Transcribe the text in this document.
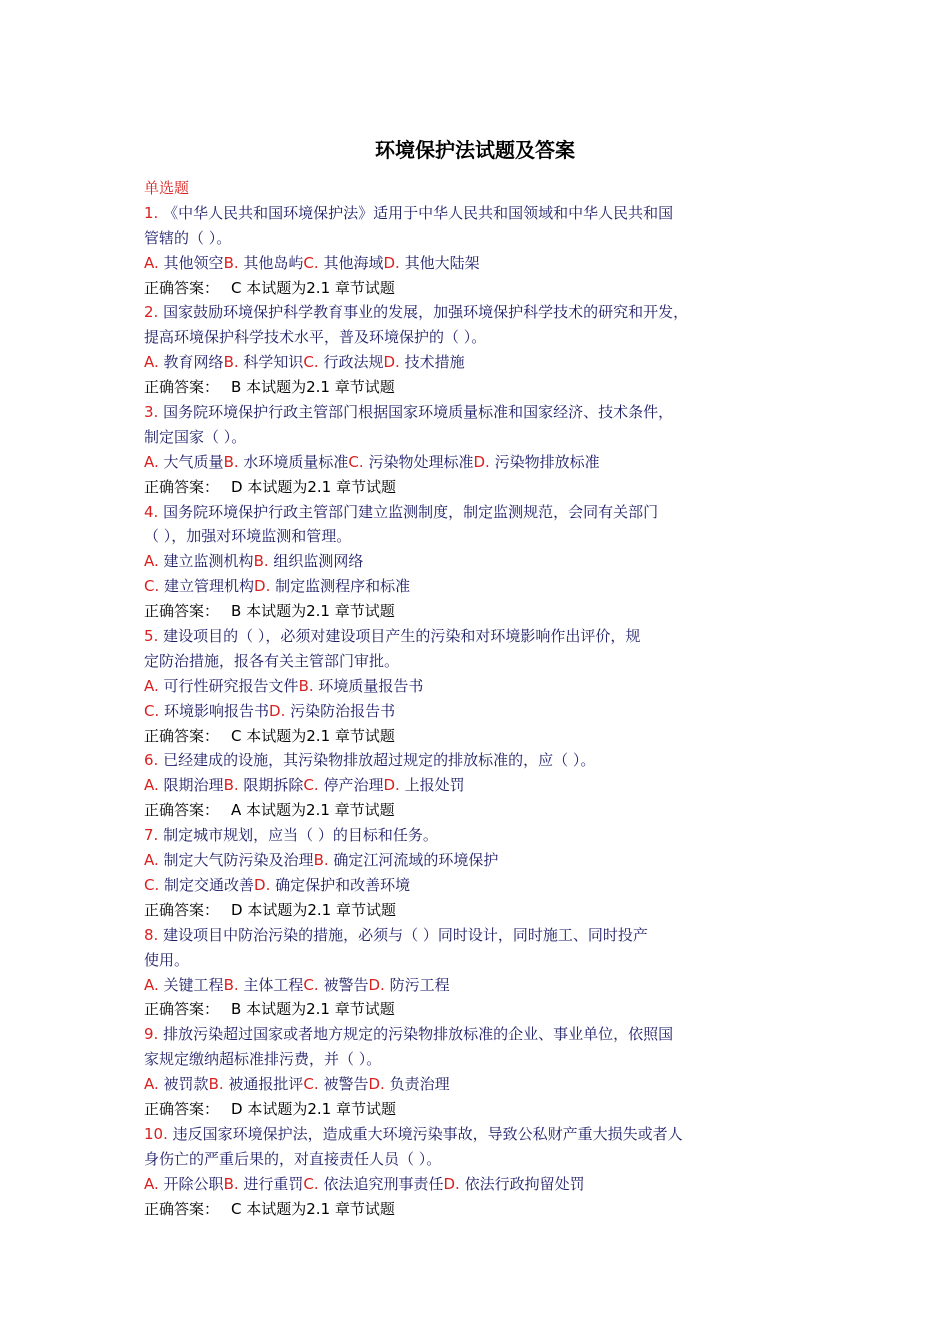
环境保护法试题及答案
单选题
1. 《中华人民共和国环境保护法》适用于中华人民共和国领域和中华人民共和国
管辖的（ ）。
A. 其他领空B. 其他岛屿C. 其他海域D. 其他大陆架
正确答案： C 本试题为2.1 章节试题
2. 国家鼓励环境保护科学教育事业的发展，加强环境保护科学技术的研究和开发，
提高环境保护科学技术水平，普及环境保护的（ ）。
A. 教育网络B. 科学知识C. 行政法规D. 技术措施
正确答案： B 本试题为2.1 章节试题
3. 国务院环境保护行政主管部门根据国家环境质量标准和国家经济、技术条件，
制定国家（ ）。
A. 大气质量B. 水环境质量标准C. 污染物处理标准D. 污染物排放标准
正确答案： D 本试题为2.1 章节试题
4. 国务院环境保护行政主管部门建立监测制度，制定监测规范，会同有关部门
（ ），加强对环境监测和管理。
A. 建立监测机构B. 组织监测网络
C. 建立管理机构D. 制定监测程序和标准
正确答案： B 本试题为2.1 章节试题
5. 建设项目的（ ），必须对建设项目产生的污染和对环境影响作出评价，规
定防治措施，报各有关主管部门审批。
A. 可行性研究报告文件B. 环境质量报告书
C. 环境影响报告书D. 污染防治报告书
正确答案： C 本试题为2.1 章节试题
6. 已经建成的设施，其污染物排放超过规定的排放标准的，应（ ）。
A. 限期治理B. 限期拆除C. 停产治理D. 上报处罚
正确答案： A 本试题为2.1 章节试题
7. 制定城市规划，应当（ ）的目标和任务。
A. 制定大气防污染及治理B. 确定江河流域的环境保护
C. 制定交通改善D. 确定保护和改善环境
正确答案： D 本试题为2.1 章节试题
8. 建设项目中防治污染的措施，必须与（ ）同时设计，同时施工、同时投产
使用。
A. 关键工程B. 主体工程C. 被警告D. 防污工程
正确答案： B 本试题为2.1 章节试题
9. 排放污染超过国家或者地方规定的污染物排放标准的企业、事业单位，依照国
家规定缴纳超标准排污费，并（ ）。
A. 被罚款B. 被通报批评C. 被警告D. 负责治理
正确答案： D 本试题为2.1 章节试题
10. 违反国家环境保护法，造成重大环境污染事故，导致公私财产重大损失或者人
身伤亡的严重后果的，对直接责任人员（ ）。
A. 开除公职B. 进行重罚C. 依法追究刑事责任D. 依法行政拘留处罚
正确答案： C 本试题为2.1 章节试题
